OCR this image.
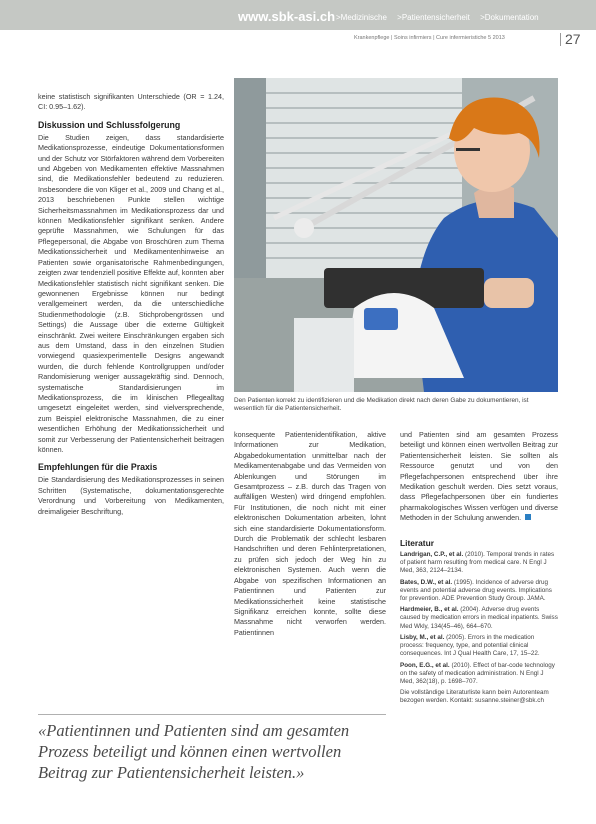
www.sbk-asi.ch >Medizinische >Patientensicherheit >Dokumentation
Krankenpflege | Soins infirmiers | Cure infermieristiche 5 2013	27

keine statistisch signifikanten Unterschiede (OR = 1.24, CI: 0.95–1.62).

Diskussion und Schlussfolgerung

Die Studien zeigen, dass standardisierte Medikationsprozesse, eindeutige Dokumentationsformen und der Schutz vor Störfaktoren während dem Vorbereiten und Abgeben von Medikamenten effektive Massnahmen sind, die Medikationsfehler bedeutend zu reduzieren. Insbesondere die von Kliger et al., 2009 und Chang et al., 2013 beschriebenen Punkte stellen wichtige Sicherheitsmassnahmen im Medikationsprozess dar und können Medikationsfehler signifikant senken. Andere geprüfte Massnahmen, wie Schulungen für das Pflegepersonal, die Abgabe von Broschüren zum Thema Medikationssicherheit und Medikamentenhinweise an Patienten sowie organisatorische Rahmenbedingungen, zeigten zwar tendenziell positive Effekte auf, konnten aber Medikationsfehler statistisch nicht signifikant senken. Die gewonnenen Ergebnisse können nur bedingt verallgemeinert werden, da die unterschiedliche Studienmethodologie (z.B. Stichprobengrössen und Settings) die Aussage über die externe Gültigkeit einschränkt. Zwei weitere Einschränkungen ergaben sich aus dem Umstand, dass in den einzelnen Studien vorwiegend quasiexperimentelle Designs angewandt wurden, die durch fehlende Kontrollgruppen und/oder Randomisierung weniger aussagekräftig sind. Dennoch, systematische Standardisierungen im Medikationsprozess, die im klinischen Pflegealltag umgesetzt eingeleitet werden, sind vielversprechende, zum Beispiel elektronische Massnahmen, die zu einer wesentlichen Erhöhung der Medikationssicherheit und somit zur Verbesserung der Patientensicherheit beitragen können.

Empfehlungen für die Praxis

Die Standardisierung des Medikationsprozesses in seinen Schritten (Systematische, dokumentationsgerechte Verordnung und Vorbereitung von Medikamenten, dreimaligeier Beschriftung,

Den Patienten korrekt zu identifizieren und die Medikation direkt nach deren Gabe zu dokumentieren, ist wesentlich für die Patientensicherheit.

konsequente Patientenidentifikation, aktive Informationen zur Medikation, Abgabedokumentation unmittelbar nach der Medikamentenabgabe und das Vermeiden von Ablenkungen und Störungen im Gesamtprozess – z.B. durch das Tragen von auffälligen Westen) wird dringend empfohlen. Für Institutionen, die noch nicht mit einer elektronischen Dokumentation arbeiten, lohnt sich eine standardisierte Dokumentationsform. Durch die Problematik der schlecht lesbaren Handschriften und deren Fehlinterpretationen, zu prüfen sich jedoch der Weg hin zu elektronischen Systemen. Auch wenn die Abgabe von spezifischen Informationen an Patientinnen und Patienten zur Medikationssicherheit keine statistische Signifikanz erreichen konnte, sollte diese Massnahme nicht verworfen werden. Patientinnen

und Patienten sind am gesamten Prozess beteiligt und können einen wertvollen Beitrag zur Patientensicherheit leisten. Sie sollten als Ressource genutzt und von den Pflegefachpersonen entsprechend über ihre Medikation geschult werden. Dies setzt voraus, dass Pflegefachpersonen über ein fundiertes pharmakologisches Wissen verfügen und diverse Methoden in der Schulung anwenden.

Literatur
Landrigan, C.P., et al. (2010). Temporal trends in rates of patient harm resulting from medical care. N Engl J Med, 363, 2124–2134.
Bates, D.W., et al. (1995). Incidence of adverse drug events and potential adverse drug events. Implications for prevention. ADE Prevention Study Group. JAMA.
Hardmeier, B., et al. (2004). Adverse drug events caused by medication errors in medical inpatients. Swiss Med Wkly, 134(45–46), 664–670.
Lisby, M., et al. (2005). Errors in the medication process: frequency, type, and potential clinical consequences. Int J Qual Health Care, 17, 15–22.
Poon, E.G., et al. (2010). Effect of bar-code technology on the safety of medication administration. N Engl J Med, 362(18), p. 1698–707.
Die vollständige Literaturliste kann beim Autorenteam bezogen werden. Kontakt: susanne.steiner@sbk.ch
«Patientinnen und Patienten sind am gesamten Prozess beteiligt und können einen wertvollen Beitrag zur Patientensicherheit leisten.»
